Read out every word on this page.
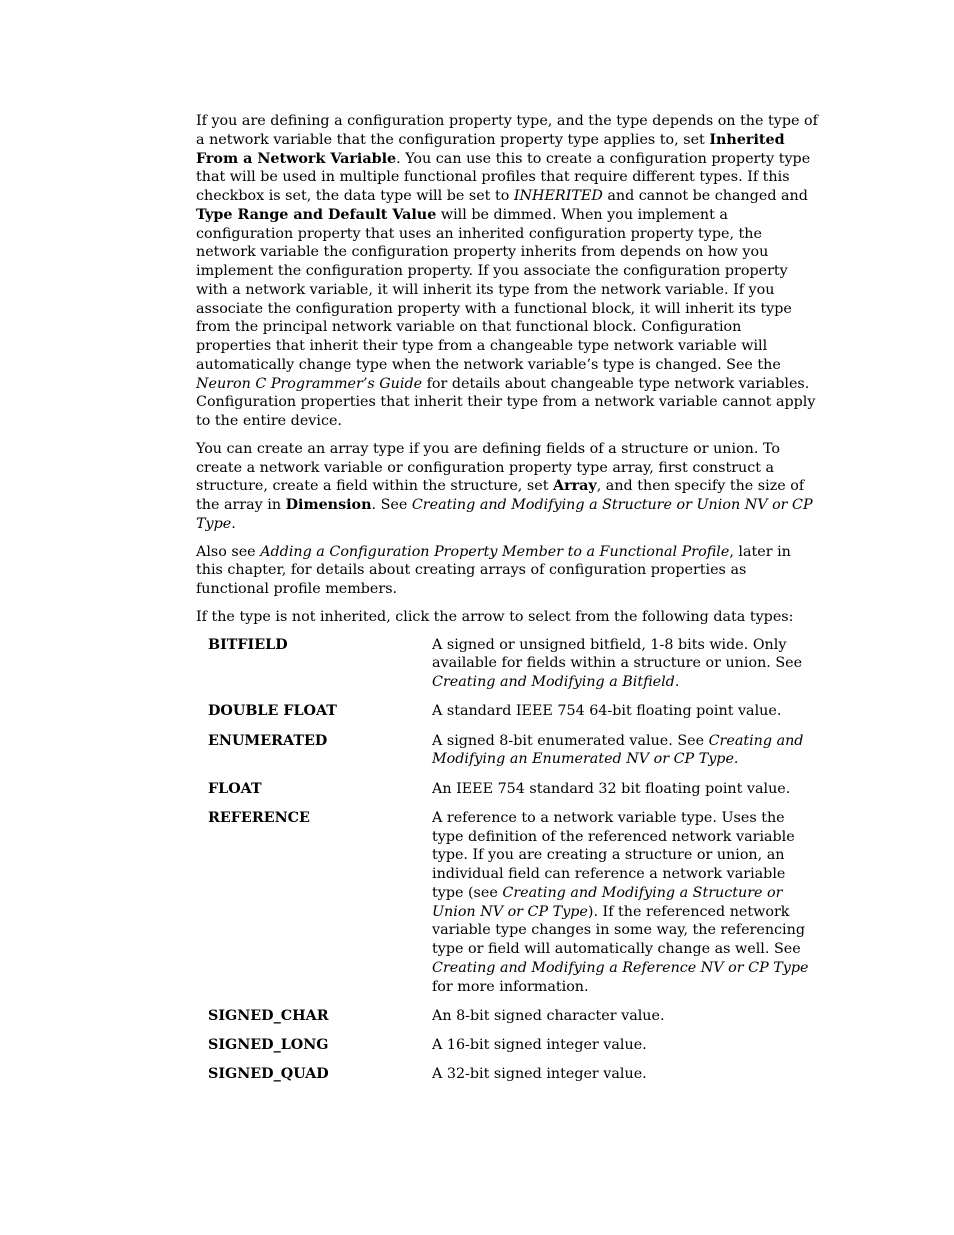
If you are defining a configuration property type, and the type depends on the type of a network variable that the configuration property type applies to, set Inherited From a Network Variable. You can use this to create a configuration property type that will be used in multiple functional profiles that require different types. If this checkbox is set, the data type will be set to INHERITED and cannot be changed and Type Range and Default Value will be dimmed. When you implement a configuration property that uses an inherited configuration property type, the network variable the configuration property inherits from depends on how you implement the configuration property. If you associate the configuration property with a network variable, it will inherit its type from the network variable. If you associate the configuration property with a functional block, it will inherit its type from the principal network variable on that functional block. Configuration properties that inherit their type from a changeable type network variable will automatically change type when the network variable’s type is changed. See the Neuron C Programmer’s Guide for details about changeable type network variables. Configuration properties that inherit their type from a network variable cannot apply to the entire device.

You can create an array type if you are defining fields of a structure or union. To create a network variable or configuration property type array, first construct a structure, create a field within the structure, set Array, and then specify the size of the array in Dimension. See Creating and Modifying a Structure or Union NV or CP Type.

Also see Adding a Configuration Property Member to a Functional Profile, later in this chapter, for details about creating arrays of configuration properties as functional profile members.

If the type is not inherited, click the arrow to select from the following data types:

BITFIELD	A signed or unsigned bitfield, 1-8 bits wide. Only available for fields within a structure or union. See Creating and Modifying a Bitfield.
DOUBLE FLOAT	A standard IEEE 754 64-bit floating point value.
ENUMERATED	A signed 8-bit enumerated value. See Creating and Modifying an Enumerated NV or CP Type.
FLOAT	An IEEE 754 standard 32 bit floating point value.
REFERENCE	A reference to a network variable type. Uses the type definition of the referenced network variable type. If you are creating a structure or union, an individual field can reference a network variable type (see Creating and Modifying a Structure or Union NV or CP Type). If the referenced network variable type changes in some way, the referencing type or field will automatically change as well. See Creating and Modifying a Reference NV or CP Type for more information.
SIGNED_CHAR	An 8-bit signed character value.
SIGNED_LONG	A 16-bit signed integer value.
SIGNED_QUAD	A 32-bit signed integer value.
